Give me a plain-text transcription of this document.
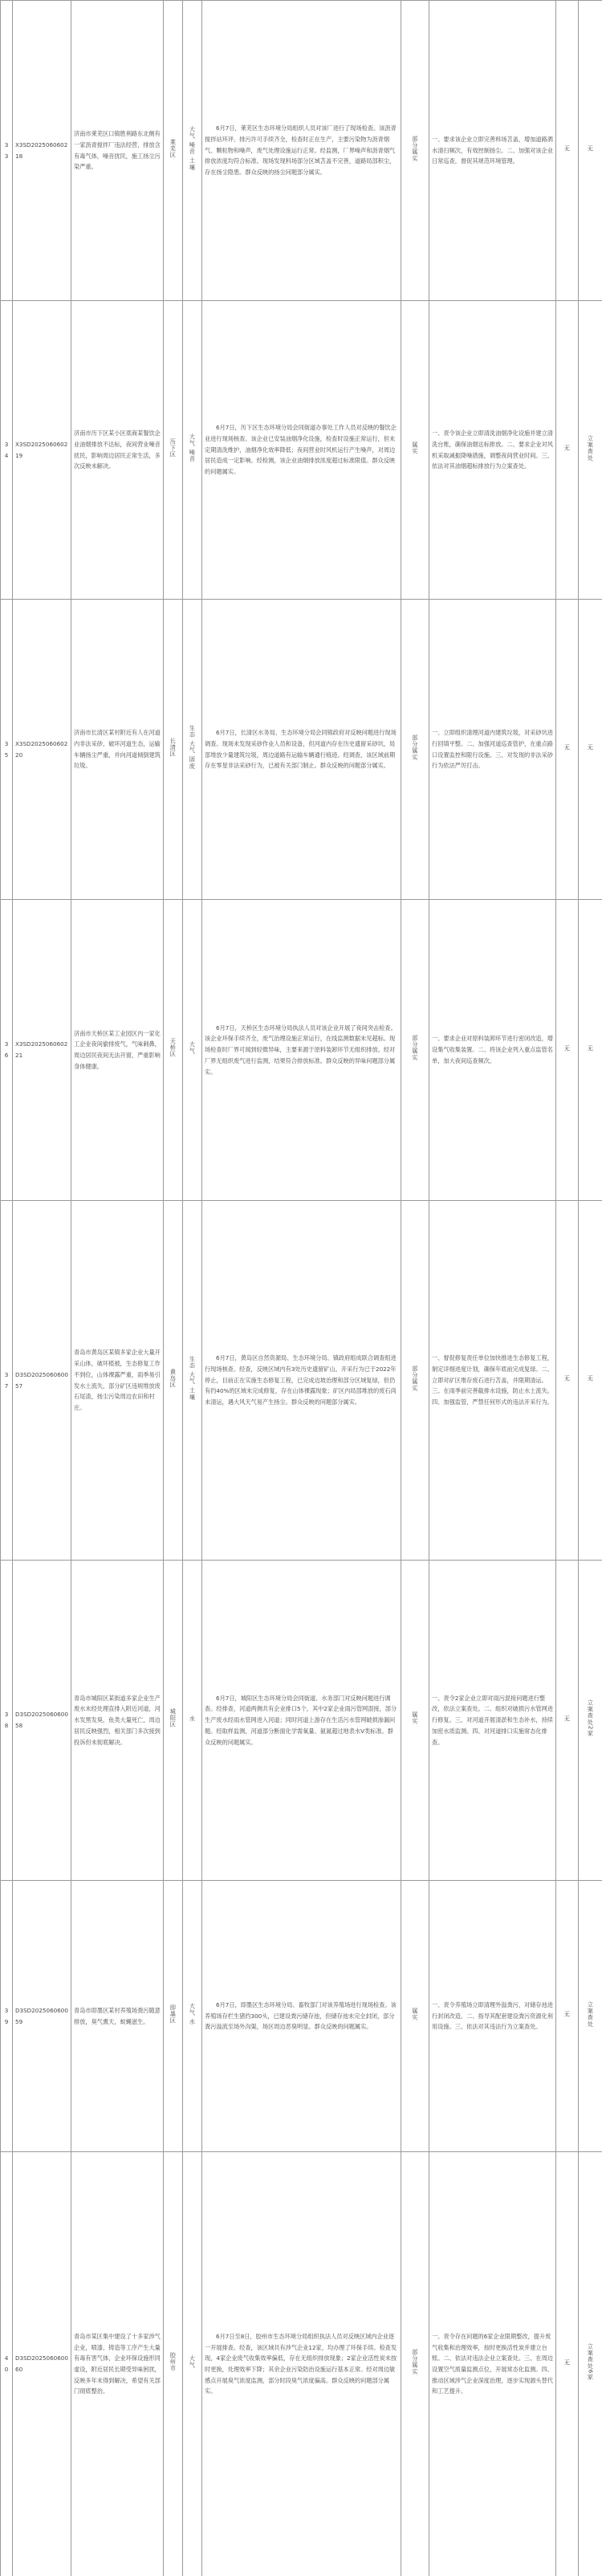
33	X3SD202506060218	济南市莱芜区口镇胜利路东北侧有一家沥青搅拌厂违法经营，排放含有毒气体，噪音扰民，施工扬尘污染严重。	莱芜区	大气 噪音 土壤	6月7日，莱芜区生态环境分局组织人员对该厂进行了现场检查。该沥青搅拌站环评、排污许可手续齐全，检查时正在生产，主要污染物为沥青烟气、颗粒物和噪声，废气处理设施运行正常。经监测，厂界噪声和沥青烟气排放浓度均符合标准。现场发现料场部分区域苫盖不完善，道路局部积尘，存在扬尘隐患。群众反映的扬尘问题部分属实。	部分属实	一、要求该企业立即完善料场苫盖，增加道路洒水清扫频次，有效控制扬尘。二、加强对该企业日常巡查，督促其规范环境管理。	无	无
34	X3SD202506060219	济南市历下区某小区底商某餐饮企业油烟排放不达标，夜间营业噪音扰民，影响周边居民正常生活，多次反映未解决。	历下区	大气 噪音	6月7日，历下区生态环境分局会同街道办事处工作人员对反映的餐饮企业进行现场核查。该企业已安装油烟净化设施，检查时设施正常运行，但未定期清洗维护，油烟净化效率降低；夜间营业时风机运行产生噪声，对周边居民造成一定影响。经检测，该企业油烟排放浓度超过标准限值。群众反映的问题属实。	属实	一、责令该企业立即清洗油烟净化设施并建立清洗台账，确保油烟达标排放。二、要求企业对风机采取减振降噪措施，调整夜间营业时间。三、依法对其油烟超标排放行为立案查处。	无	立案查处
35	X3SD202506060220	济南市长清区某村附近有人在河道内非法采砂，破坏河道生态，运输车辆扬尘严重，并向河道倾倒建筑垃圾。	长清区	生态 大气 固废	6月7日，长清区水务局、生态环境分局会同镇政府对反映问题进行现场调查。现场未发现采砂作业人员和设备，但河道内存在历史遗留采砂坑，局部堆放少量建筑垃圾，周边道路有运输车辆通行痕迹。经调查，该区域前期存在零星非法采砂行为，已被有关部门制止。群众反映的问题部分属实。	部分属实	一、立即组织清理河道内建筑垃圾，对采砂坑进行回填平整。二、加强河道巡查管护，在重点路口设置监控和限行设施。三、对发现的非法采砂行为依法严厉打击。	无	无
36	X3SD202506060221	济南市天桥区某工业园区内一家化工企业夜间偷排废气，气味刺鼻，周边居民夜间无法开窗，严重影响身体健康。	天桥区	大气	6月7日，天桥区生态环境分局执法人员对该企业开展了夜间突击检查。该企业环保手续齐全，废气治理设施正常运行，在线监测数据未见超标。现场检查时厂界可闻到轻微异味，主要来源于原料装卸环节无组织排放。经对厂界无组织废气进行监测，结果符合排放标准。群众反映的异味问题部分属实。	部分属实	一、要求企业对原料装卸环节进行密闭改造，增设集气收集装置。二、将该企业列入重点监管名单，加大夜间巡查频次。	无	无
37	D3SD202506060057	青岛市黄岛区某镇多家企业大量开采山体，破坏植被，生态修复工作不到位，山体裸露严重，雨季易引发水土流失，部分矿区违规堆放废石尾渣，扬尘污染周边农田和村庄。	黄岛区	生态 大气 土壤	6月7日，黄岛区自然资源局、生态环境分局、镇政府组成联合调查组进行现场核查。经查，反映区域内有3处历史遗留矿山，开采行为已于2022年停止，目前正在实施生态修复工程，已完成边坡治理和部分区域复绿，但仍有约40%的区域未完成修复，存在山体裸露现象；矿区内局部堆放的废石尚未清运，遇大风天气易产生扬尘。群众反映的问题部分属实。	部分属实	一、督促修复责任单位加快推进生态修复工程，制定详细进度计划，确保年底前完成复绿。二、立即对矿区堆存废石进行苫盖，并限期清运。三、在雨季前完善截排水设施，防止水土流失。四、加强监管，严禁任何形式的违法开采行为。	无	无
38	D3SD202506060058	青岛市城阳区某街道多家企业生产废水未经处理直排入附近河道，河水发黑发臭，鱼类大量死亡，周边居民反映强烈，相关部门多次接到投诉但未彻底解决。	城阳区	水	6月7日，城阳区生态环境分局会同街道、水务部门对反映问题进行调查。经排查，河道两侧共有企业排口5个，其中2家企业雨污管网混接，部分生产废水经雨水管网进入河道；同时河道上游存在生活污水管网破损渗漏问题。经取样监测，河道部分断面化学需氧量、氨氮超过地表水V类标准。群众反映的问题属实。	属实	一、责令2家企业立即对雨污混接问题进行整改，依法立案查处。二、组织对破损污水管网进行修复。三、对河道开展清淤和生态补水，持续加密水质监测。四、对河道排口实施常态化排查。	无	立案查处2家
39	D3SD202506060059	青岛市即墨区某村养殖场粪污随意排放，臭气熏天，蚊蝇滋生。	即墨区	大气 水	6月7日，即墨区生态环境分局、畜牧部门对该养殖场进行现场检查。该养殖场存栏生猪约300头，已建设粪污储存池，但储存池未完全封闭，部分粪污溢流至场外沟渠，场区周边恶臭明显。群众反映的问题属实。	属实	一、责令养殖场立即清理外溢粪污，对储存池进行封闭改造。二、指导其配套建设粪污资源化利用设施。三、依法对其违法行为立案查处。	无	立案查处
40	D3SD202506060060	青岛市某区集中建设了十多家涉气企业，喷漆、铸造等工序产生大量有毒有害气体，企业环保设施形同虚设，附近居民长期受异味困扰，反映多年未得到解决，希望有关部门彻底整治。	胶州市	大气	6月7日至8日，胶州市生态环境分局组织执法人员对反映区域内企业逐一开展排查。经查，该区域共有涉气企业12家，均办理了环保手续。检查发现，4家企业废气收集效率偏低，存在无组织排放现象；2家企业活性炭未按时更换，处理效率下降；其余企业污染防治设施运行基本正常。经对周边敏感点开展臭气浓度监测，部分时段臭气浓度偏高。群众反映的问题部分属实。	部分属实	一、责令存在问题的6家企业限期整改，提升废气收集和治理效率，按时更换活性炭并建立台账。二、依法对违法企业立案查处。三、在周边设置空气质量监测点位，开展常态化监测。四、推动区域涉气企业深度治理，逐步实现源头替代和工艺提升。	无	立案查处6家
